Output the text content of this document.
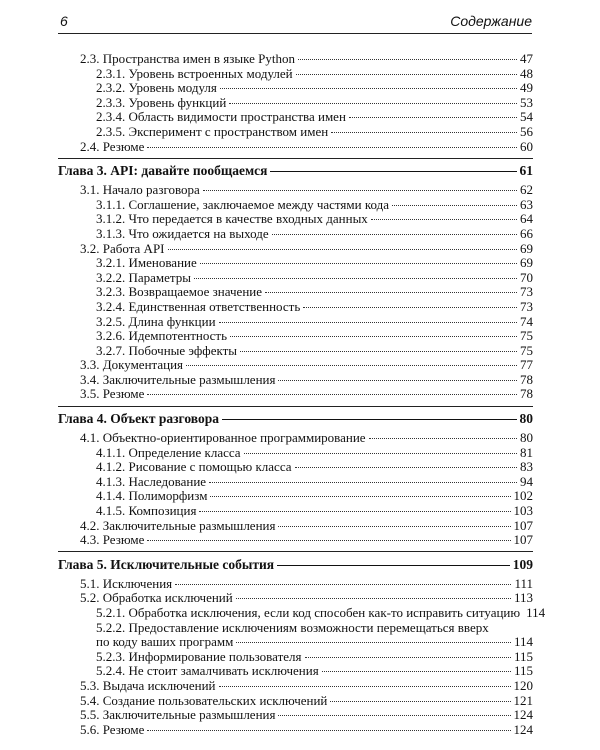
6	Содержание
2.3. Пространства имен в языке Python	47
2.3.1. Уровень встроенных модулей	48
2.3.2. Уровень модуля	49
2.3.3. Уровень функций	53
2.3.4. Область видимости пространства имен	54
2.3.5. Эксперимент с пространством имен	56
2.4. Резюме	60
Глава 3. API: давайте пообщаемся	61
3.1. Начало разговора	62
3.1.1. Соглашение, заключаемое между частями кода	63
3.1.2. Что передается в качестве входных данных	64
3.1.3. Что ожидается на выходе	66
3.2. Работа API	69
3.2.1. Именование	69
3.2.2. Параметры	70
3.2.3. Возвращаемое значение	73
3.2.4. Единственная ответственность	73
3.2.5. Длина функции	74
3.2.6. Идемпотентность	75
3.2.7. Побочные эффекты	75
3.3. Документация	77
3.4. Заключительные размышления	78
3.5. Резюме	78
Глава 4. Объект разговора	80
4.1. Объектно-ориентированное программирование	80
4.1.1. Определение класса	81
4.1.2. Рисование с помощью класса	83
4.1.3. Наследование	94
4.1.4. Полиморфизм	102
4.1.5. Композиция	103
4.2. Заключительные размышления	107
4.3. Резюме	107
Глава 5. Исключительные события	109
5.1. Исключения	111
5.2. Обработка исключений	113
5.2.1. Обработка исключения, если код способен как-то исправить ситуацию 114
5.2.2. Предоставление исключениям возможности перемещаться вверх
по коду ваших программ	114
5.2.3. Информирование пользователя	115
5.2.4. Не стоит замалчивать исключения	115
5.3. Выдача исключений	120
5.4. Создание пользовательских исключений	121
5.5. Заключительные размышления	124
5.6. Резюме	124
